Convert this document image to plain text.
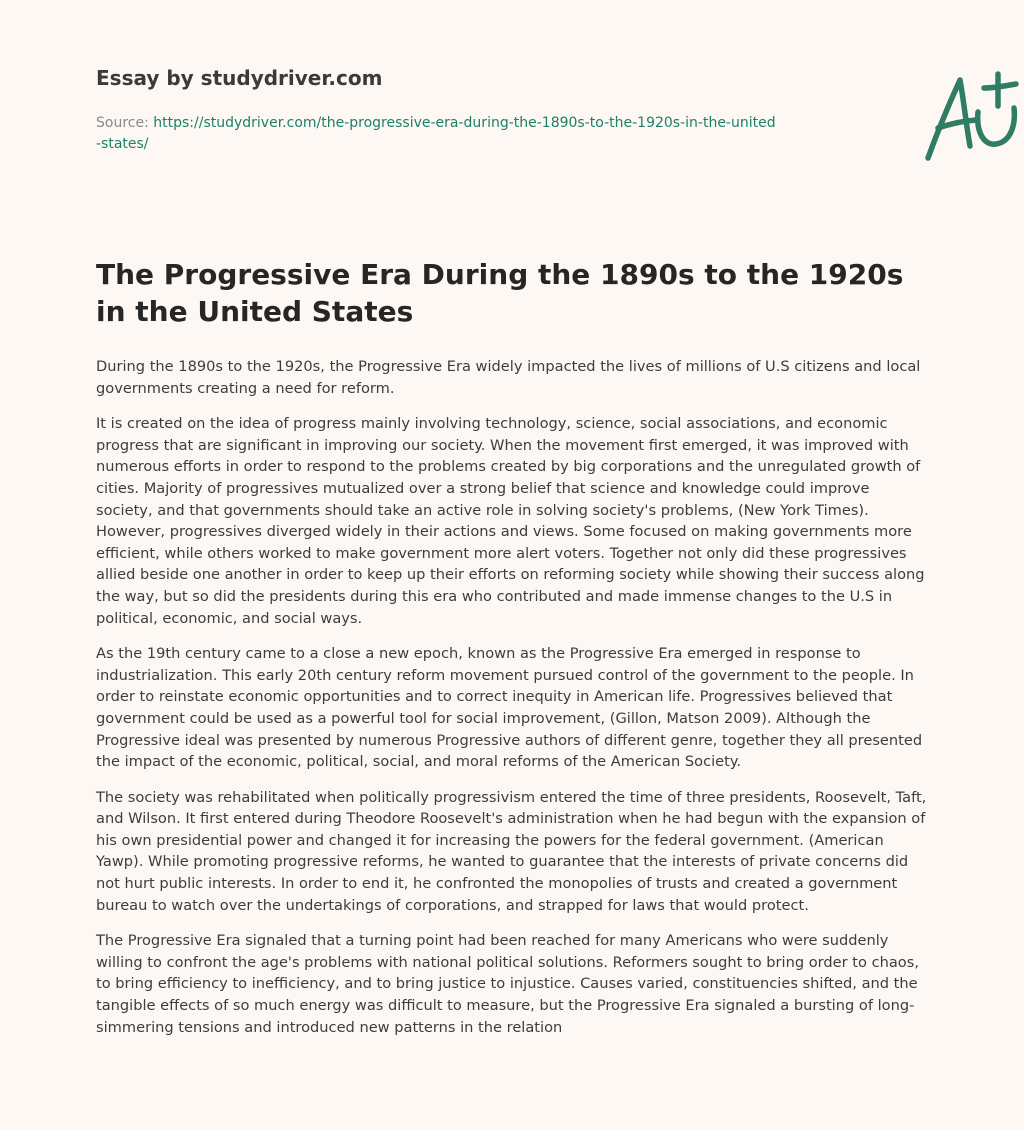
Essay by studydriver.com
Source: https://studydriver.com/the-progressive-era-during-the-1890s-to-the-1920s-in-the-united-states/
The Progressive Era During the 1890s to the 1920s in the United States

During the 1890s to the 1920s, the Progressive Era widely impacted the lives of millions of U.S citizens and local governments creating a need for reform.

It is created on the idea of progress mainly involving technology, science, social associations, and economic progress that are significant in improving our society. When the movement first emerged, it was improved with numerous efforts in order to respond to the problems created by big corporations and the unregulated growth of cities. Majority of progressives mutualized over a strong belief that science and knowledge could improve society, and that governments should take an active role in solving society's problems, (New York Times). However, progressives diverged widely in their actions and views. Some focused on making governments more efficient, while others worked to make government more alert voters. Together not only did these progressives allied beside one another in order to keep up their efforts on reforming society while showing their success along the way, but so did the presidents during this era who contributed and made immense changes to the U.S in political, economic, and social ways.

As the 19th century came to a close a new epoch, known as the Progressive Era emerged in response to industrialization. This early 20th century reform movement pursued control of the government to the people. In order to reinstate economic opportunities and to correct inequity in American life. Progressives believed that government could be used as a powerful tool for social improvement, (Gillon, Matson 2009). Although the Progressive ideal was presented by numerous Progressive authors of different genre, together they all presented the impact of the economic, political, social, and moral reforms of the American Society.

The society was rehabilitated when politically progressivism entered the time of three presidents, Roosevelt, Taft, and Wilson. It first entered during Theodore Roosevelt's administration when he had begun with the expansion of his own presidential power and changed it for increasing the powers for the federal government. (American Yawp). While promoting progressive reforms, he wanted to guarantee that the interests of private concerns did not hurt public interests. In order to end it, he confronted the monopolies of trusts and created a government bureau to watch over the undertakings of corporations, and strapped for laws that would protect.

The Progressive Era signaled that a turning point had been reached for many Americans who were suddenly willing to confront the age's problems with national political solutions. Reformers sought to bring order to chaos, to bring efficiency to inefficiency, and to bring justice to injustice. Causes varied, constituencies shifted, and the tangible effects of so much energy was difficult to measure, but the Progressive Era signaled a bursting of long-simmering tensions and introduced new patterns in the relation
